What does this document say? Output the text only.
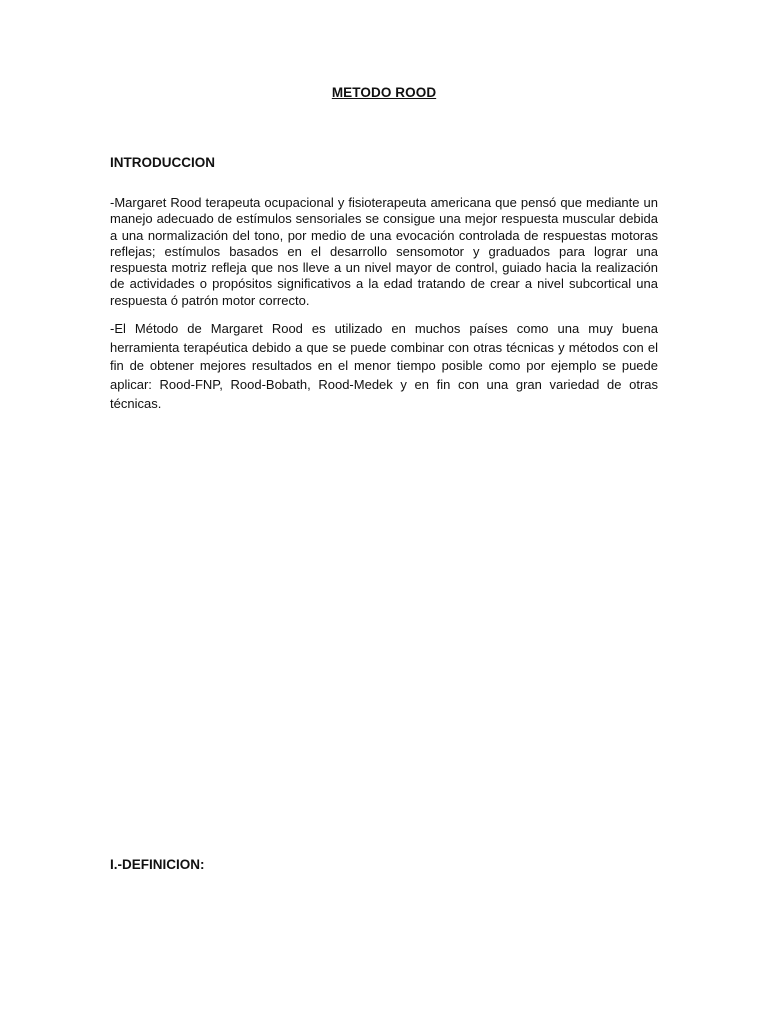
METODO ROOD
INTRODUCCION

-Margaret Rood terapeuta ocupacional y fisioterapeuta americana que pensó que mediante un manejo adecuado de estímulos sensoriales se consigue una mejor respuesta muscular debida a una normalización del tono, por medio de una evocación controlada de respuestas motoras reflejas; estímulos basados en el desarrollo sensomotor y graduados para lograr una respuesta motriz refleja que nos lleve a un nivel mayor de control, guiado hacia la realización de actividades o propósitos significativos a la edad tratando de crear a nivel subcortical una respuesta ó patrón motor correcto.

-El Método de Margaret Rood es utilizado en muchos países como una muy buena herramienta terapéutica debido a que se puede combinar con otras técnicas y métodos con el fin de obtener mejores resultados en el menor tiempo posible como por ejemplo se puede aplicar: Rood-FNP, Rood-Bobath, Rood-Medek y en fin con una gran variedad de otras técnicas.

I.-DEFINICION:
